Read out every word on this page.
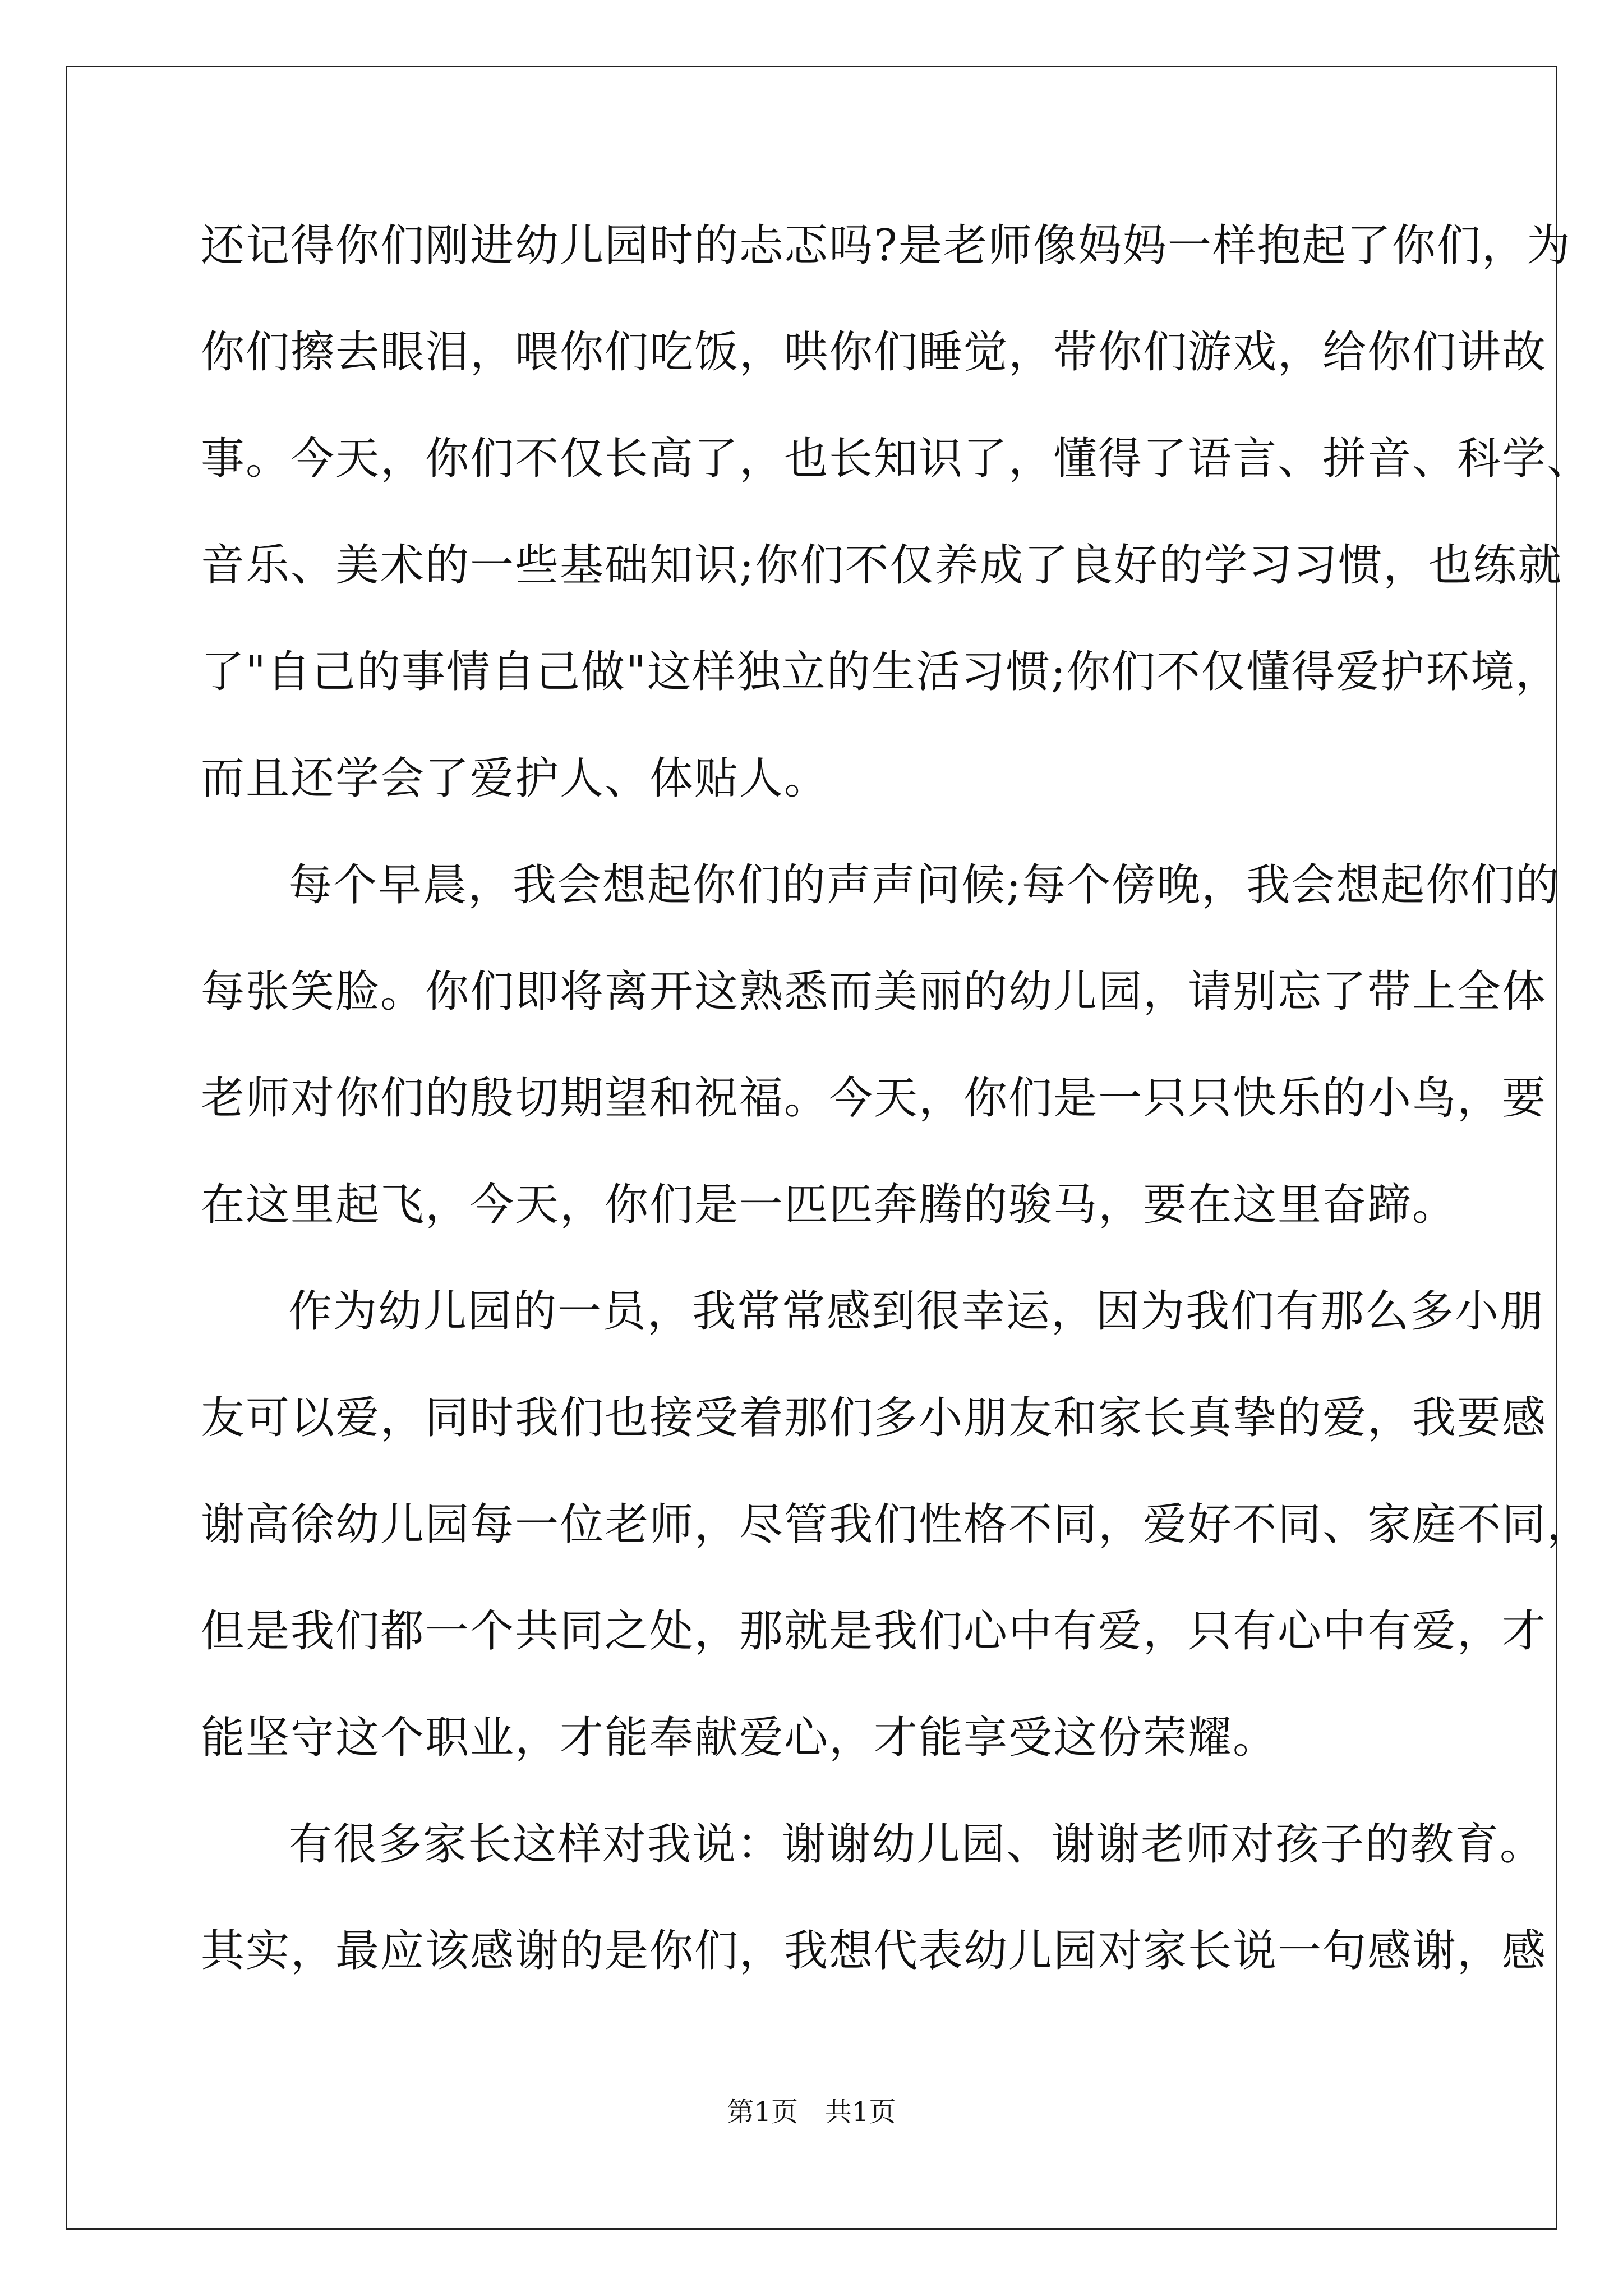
还记得你们刚进幼儿园时的忐忑吗?是老师像妈妈一样抱起了你们，为
你们擦去眼泪，喂你们吃饭，哄你们睡觉，带你们游戏，给你们讲故
事。今天，你们不仅长高了，也长知识了，懂得了语言、拼音、科学、
音乐、美术的一些基础知识;你们不仅养成了良好的学习习惯，也练就
了"自己的事情自己做"这样独立的生活习惯;你们不仅懂得爱护环境，
而且还学会了爱护人、体贴人。
每个早晨，我会想起你们的声声问候;每个傍晚，我会想起你们的
每张笑脸。你们即将离开这熟悉而美丽的幼儿园，请别忘了带上全体
老师对你们的殷切期望和祝福。今天，你们是一只只快乐的小鸟，要
在这里起飞，今天，你们是一匹匹奔腾的骏马，要在这里奋蹄。
作为幼儿园的一员，我常常感到很幸运，因为我们有那么多小朋
友可以爱，同时我们也接受着那们多小朋友和家长真挚的爱，我要感
谢高徐幼儿园每一位老师，尽管我们性格不同，爱好不同、家庭不同，
但是我们都一个共同之处，那就是我们心中有爱，只有心中有爱，才
能坚守这个职业，才能奉献爱心，才能享受这份荣耀。
有很多家长这样对我说：谢谢幼儿园、谢谢老师对孩子的教育。
其实，最应该感谢的是你们，我想代表幼儿园对家长说一句感谢，感
第1页 共1页
